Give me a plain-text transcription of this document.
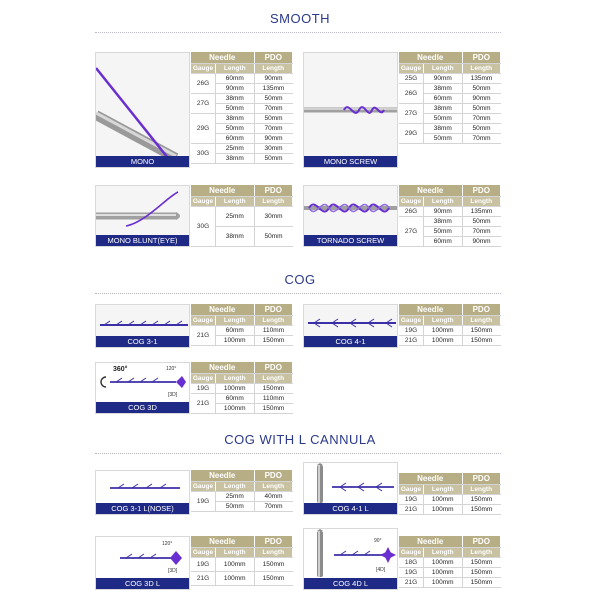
SMOOTH
COG
COG WITH L CANNULA
MONO
Needle		PDO
Gauge	Length	Length
26G	60mm	90mm
	90mm	135mm
27G	38mm	50mm
	50mm	70mm
29G	38mm	50mm
	50mm	70mm
	60mm	90mm
30G	25mm	30mm
	38mm	50mm	MONO SCREW
Needle		PDO
Gauge	Length	Length
25G	90mm	135mm
26G	38mm	50mm
	60mm	90mm
27G	38mm	50mm
	50mm	70mm
29G	38mm	50mm
	50mm	70mm
MONO BLUNT(EYE)
Needle		PDO
Gauge	Length	Length
30G	25mm	30mm
	38mm	50mm	TORNADO SCREW
Needle		PDO
Gauge	Length	Length
26G	90mm	135mm
27G	38mm	50mm
	50mm	70mm
	60mm	90mm
COG 3-1
Needle		PDO
Gauge	Length	Length
21G	60mm	110mm
	100mm	150mm	COG 4-1
Needle		PDO
Gauge	Length	Length
19G	100mm	150mm
21G	100mm	150mm
360°	120°
[3D]
COG 3D
Needle		PDO
Gauge	Length	Length
19G	100mm	150mm
21G	60mm	110mm
	100mm	150mm
COG 3-1 L(NOSE)
Needle		PDO
Gauge	Length	Length
19G	25mm	40mm
	50mm	70mm	COG 4-1 L
Needle		PDO
Gauge	Length	Length
19G	100mm	150mm
21G	100mm	150mm
120°
[3D]
COG 3D L
Needle		PDO
Gauge	Length	Length
19G	100mm	150mm
21G	100mm	150mm
90°
[4D]
COG 4D L
Needle		PDO
Gauge	Length	Length
18G	100mm	150mm
19G	100mm	150mm
21G	100mm	150mm
